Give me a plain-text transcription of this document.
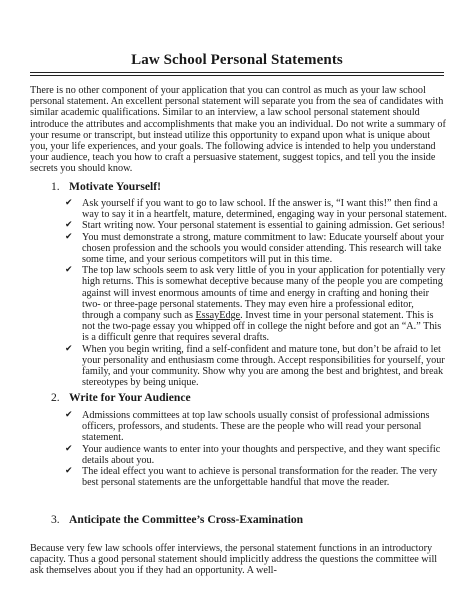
Law School Personal Statements
There is no other component of your application that you can control as much as your law school personal statement. An excellent personal statement will separate you from the sea of candidates with similar academic qualifications. Similar to an interview, a law school personal statement should introduce the attributes and accomplishments that make you an individual. Do not write a summary of your resume or transcript, but instead utilize this opportunity to expand upon what is unique about you, your life experiences, and your goals. The following advice is intended to help you understand your audience, teach you how to craft a persuasive statement, suggest topics, and tell you the inside secrets you should know.
1. Motivate Yourself!
✔ Ask yourself if you want to go to law school. If the answer is, “I want this!” then find a way to say it in a heartfelt, mature, determined, engaging way in your personal statement.
✔ Start writing now. Your personal statement is essential to gaining admission. Get serious!
✔ You must demonstrate a strong, mature commitment to law: Educate yourself about your chosen profession and the schools you would consider attending. This research will take some time, and your serious competitors will put in this time.
✔ The top law schools seem to ask very little of you in your application for potentially very high returns. This is somewhat deceptive because many of the people you are competing against will invest enormous amounts of time and energy in crafting and honing their two- or three-page personal statements. They may even hire a professional editor, through a company such as EssayEdge. Invest time in your personal statement. This is not the two-page essay you whipped off in college the night before and got an “A.” This is a difficult genre that requires several drafts.
✔ When you begin writing, find a self-confident and mature tone, but don’t be afraid to let your personality and enthusiasm come through. Accept responsibilities for yourself, your family, and your community. Show why you are among the best and brightest, and break stereotypes by being unique.
2. Write for Your Audience
✔ Admissions committees at top law schools usually consist of professional admissions officers, professors, and students. These are the people who will read your personal statement.
✔ Your audience wants to enter into your thoughts and perspective, and they want specific details about you.
✔ The ideal effect you want to achieve is personal transformation for the reader. The very best personal statements are the unforgettable handful that move the reader.
3. Anticipate the Committee’s Cross-Examination
Because very few law schools offer interviews, the personal statement functions in an introductory capacity. Thus a good personal statement should implicitly address the questions the committee will ask themselves about you if they had an opportunity. A well-
